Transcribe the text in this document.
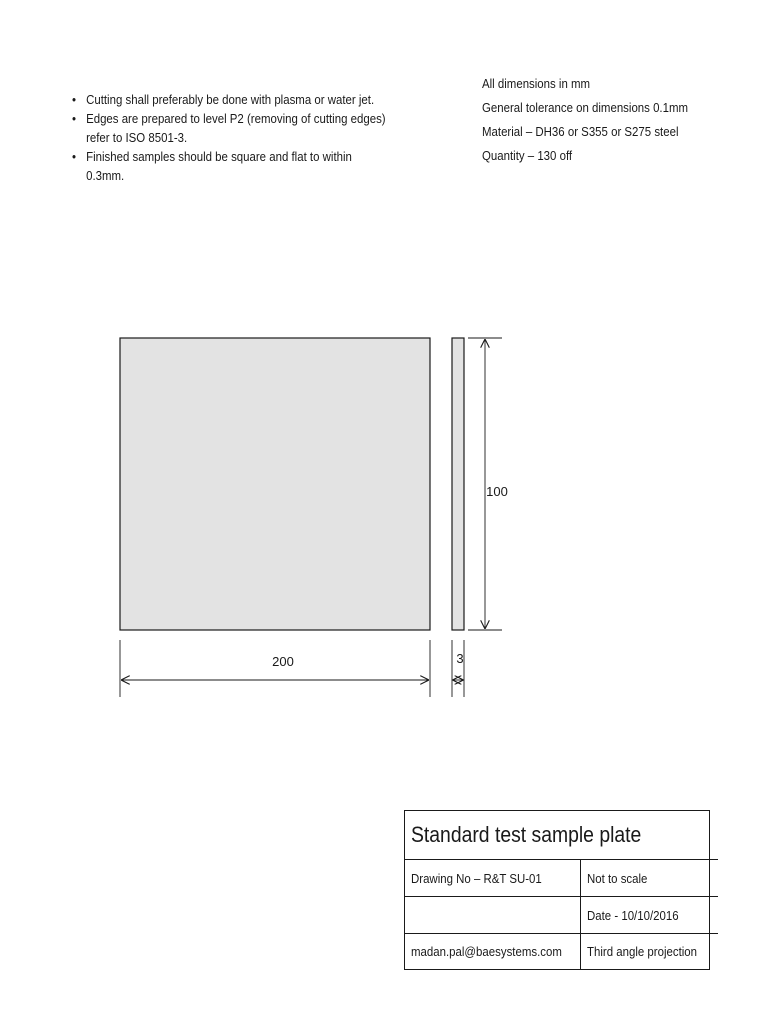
• Cutting shall preferably be done with plasma or water jet.
• Edges are prepared to level P2 (removing of cutting edges) refer to ISO 8501-3.
• Finished samples should be square and flat to within 0.3mm.
All dimensions in mm
General tolerance on dimensions 0.1mm
Material – DH36 or S355 or S275 steel
Quantity – 130 off
200
100
3
Standard test sample plate
Drawing No – R&T SU-01	Not to scale
Date - 10/10/2016
madan.pal@baesystems.com Third angle projection
